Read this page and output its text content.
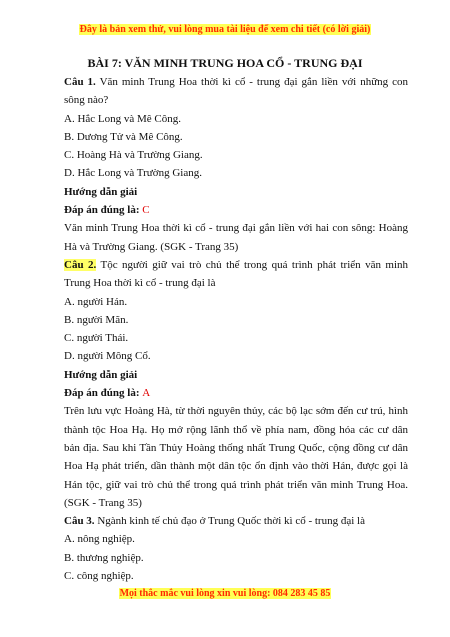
Đây là bản xem thử, vui lòng mua tài liệu để xem chi tiết (có lời giải)
BÀI 7: VĂN MINH TRUNG HOA CỔ - TRUNG ĐẠI
Câu 1. Văn minh Trung Hoa thời kì cổ - trung đại gắn liền với những con
sông nào?
A. Hắc Long và Mê Công.
B. Dương Tử và Mê Công.
C. Hoàng Hà và Trường Giang.
D. Hắc Long và Trường Giang.
Hướng dẫn giải
Đáp án đúng là: C
Văn minh Trung Hoa thời kì cổ - trung đại gắn liền với hai con sông: Hoàng
Hà và Trường Giang. (SGK - Trang 35)
Câu 2. Tộc người giữ vai trò chủ thể trong quá trình phát triển văn minh
Trung Hoa thời kì cổ - trung đại là
A. người Hán.
B. người Mãn.
C. người Thái.
D. người Mông Cổ.
Hướng dẫn giải
Đáp án đúng là: A
Trên lưu vực Hoàng Hà, từ thời nguyên thủy, các bộ lạc sớm đến cư trú, hình
thành tộc Hoa Hạ. Họ mở rộng lãnh thổ về phía nam, đồng hóa các cư dân
bản địa. Sau khi Tần Thủy Hoàng thống nhất Trung Quốc, cộng đồng cư dân
Hoa Hạ phát triển, dần thành một dân tộc ổn định vào thời Hán, được gọi là
Hán tộc, giữ vai trò chủ thể trong quá trình phát triển văn minh Trung Hoa.
(SGK - Trang 35)
Câu 3. Ngành kinh tế chủ đạo ở Trung Quốc thời kì cổ - trung đại là
A. nông nghiệp.
B. thương nghiệp.
C. công nghiệp.
Mọi thắc mắc vui lòng xin vui lòng: 084 283 45 85
